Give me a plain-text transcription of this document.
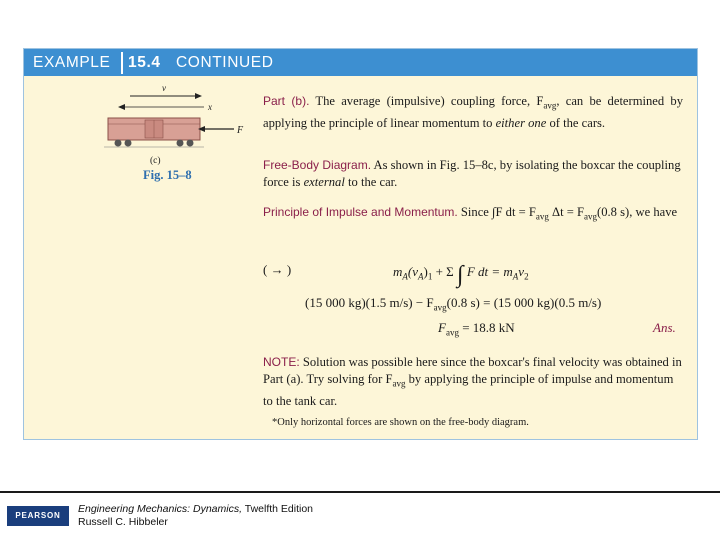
EXAMPLE 15.4 CONTINUED
v
x
F
(c)
Fig. 15–8
Part (b). The average (impulsive) coupling force, $F_{avg}$, can be determined by applying the principle of linear momentum to either one of the cars.
Free-Body Diagram. As shown in Fig. 15–8c, by isolating the boxcar the coupling force is external to the car.
Principle of Impulse and Momentum. Since ∫F dt = $F_{avg}$ $\Delta t = F_{avg}(0.8$ s), we have
( → )	$m_A(v_A)_1 + \Sigma$ ∫ F dt = $m_Av_2$
(15 000 kg)(1.5 $m/s) - F_{avg}(0.8$ s) = (15 000 kg)(0.5 m/s)
$F_{avg} = 18.8$ kN	Ans.
NOTE: Solution was possible here since the boxcar's final velocity was obtained in Part (a). Try solving for $F_{avg}$ by applying the principle of impulse and momentum to the tank car.
*Only horizontal forces are shown on the free-body diagram.
PEARSON
Engineering Mechanics: Dynamics, Twelfth Edition
Russell C. Hibbeler
